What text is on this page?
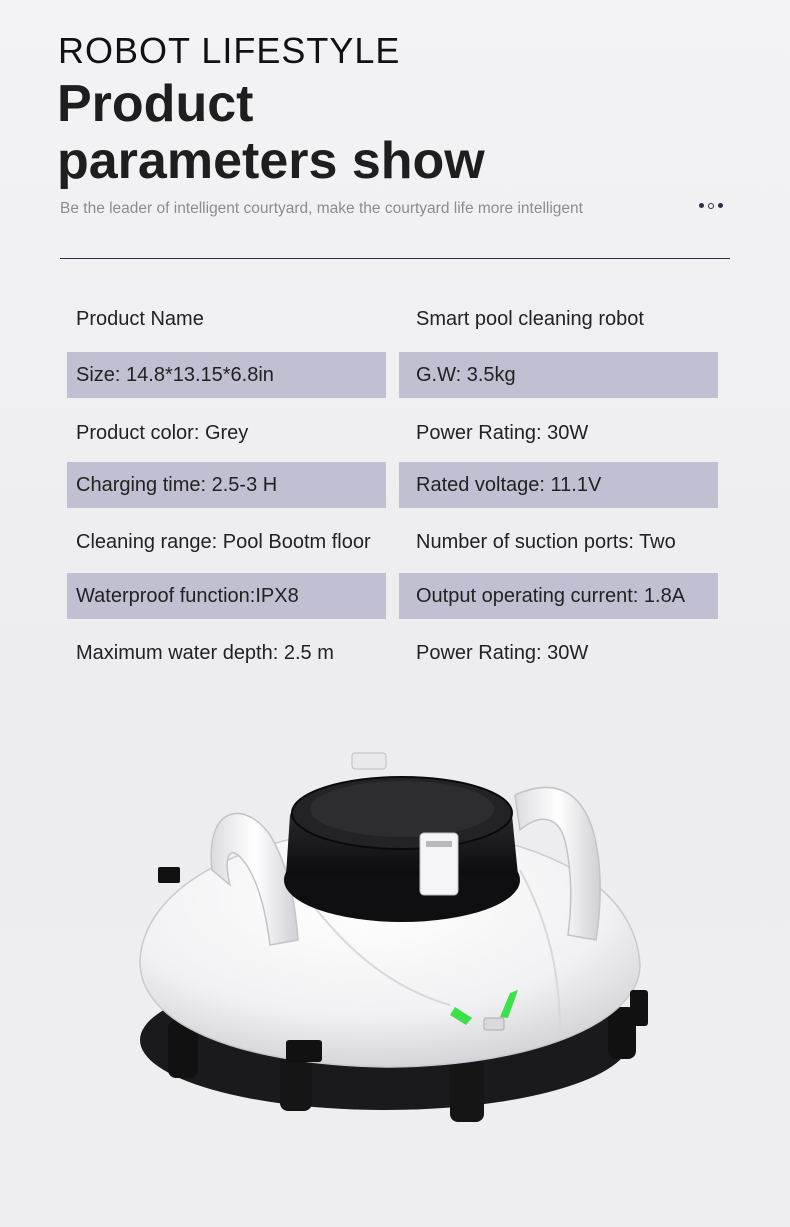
ROBOT LIFESTYLE
Product
parameters show
Be the leader of intelligent courtyard, make the courtyard life more intelligent
Product Name	Smart pool cleaning robot
Size: 14.8*13.15*6.8in	G.W: 3.5kg
Product color: Grey	Power Rating: 30W
Charging time: 2.5-3 H	Rated voltage: 11.1V
Cleaning range: Pool Bootm floor	Number of suction ports: Two
Waterproof function:IPX8	Output operating current: 1.8A
Maximum water depth: 2.5 m	Power Rating: 30W
